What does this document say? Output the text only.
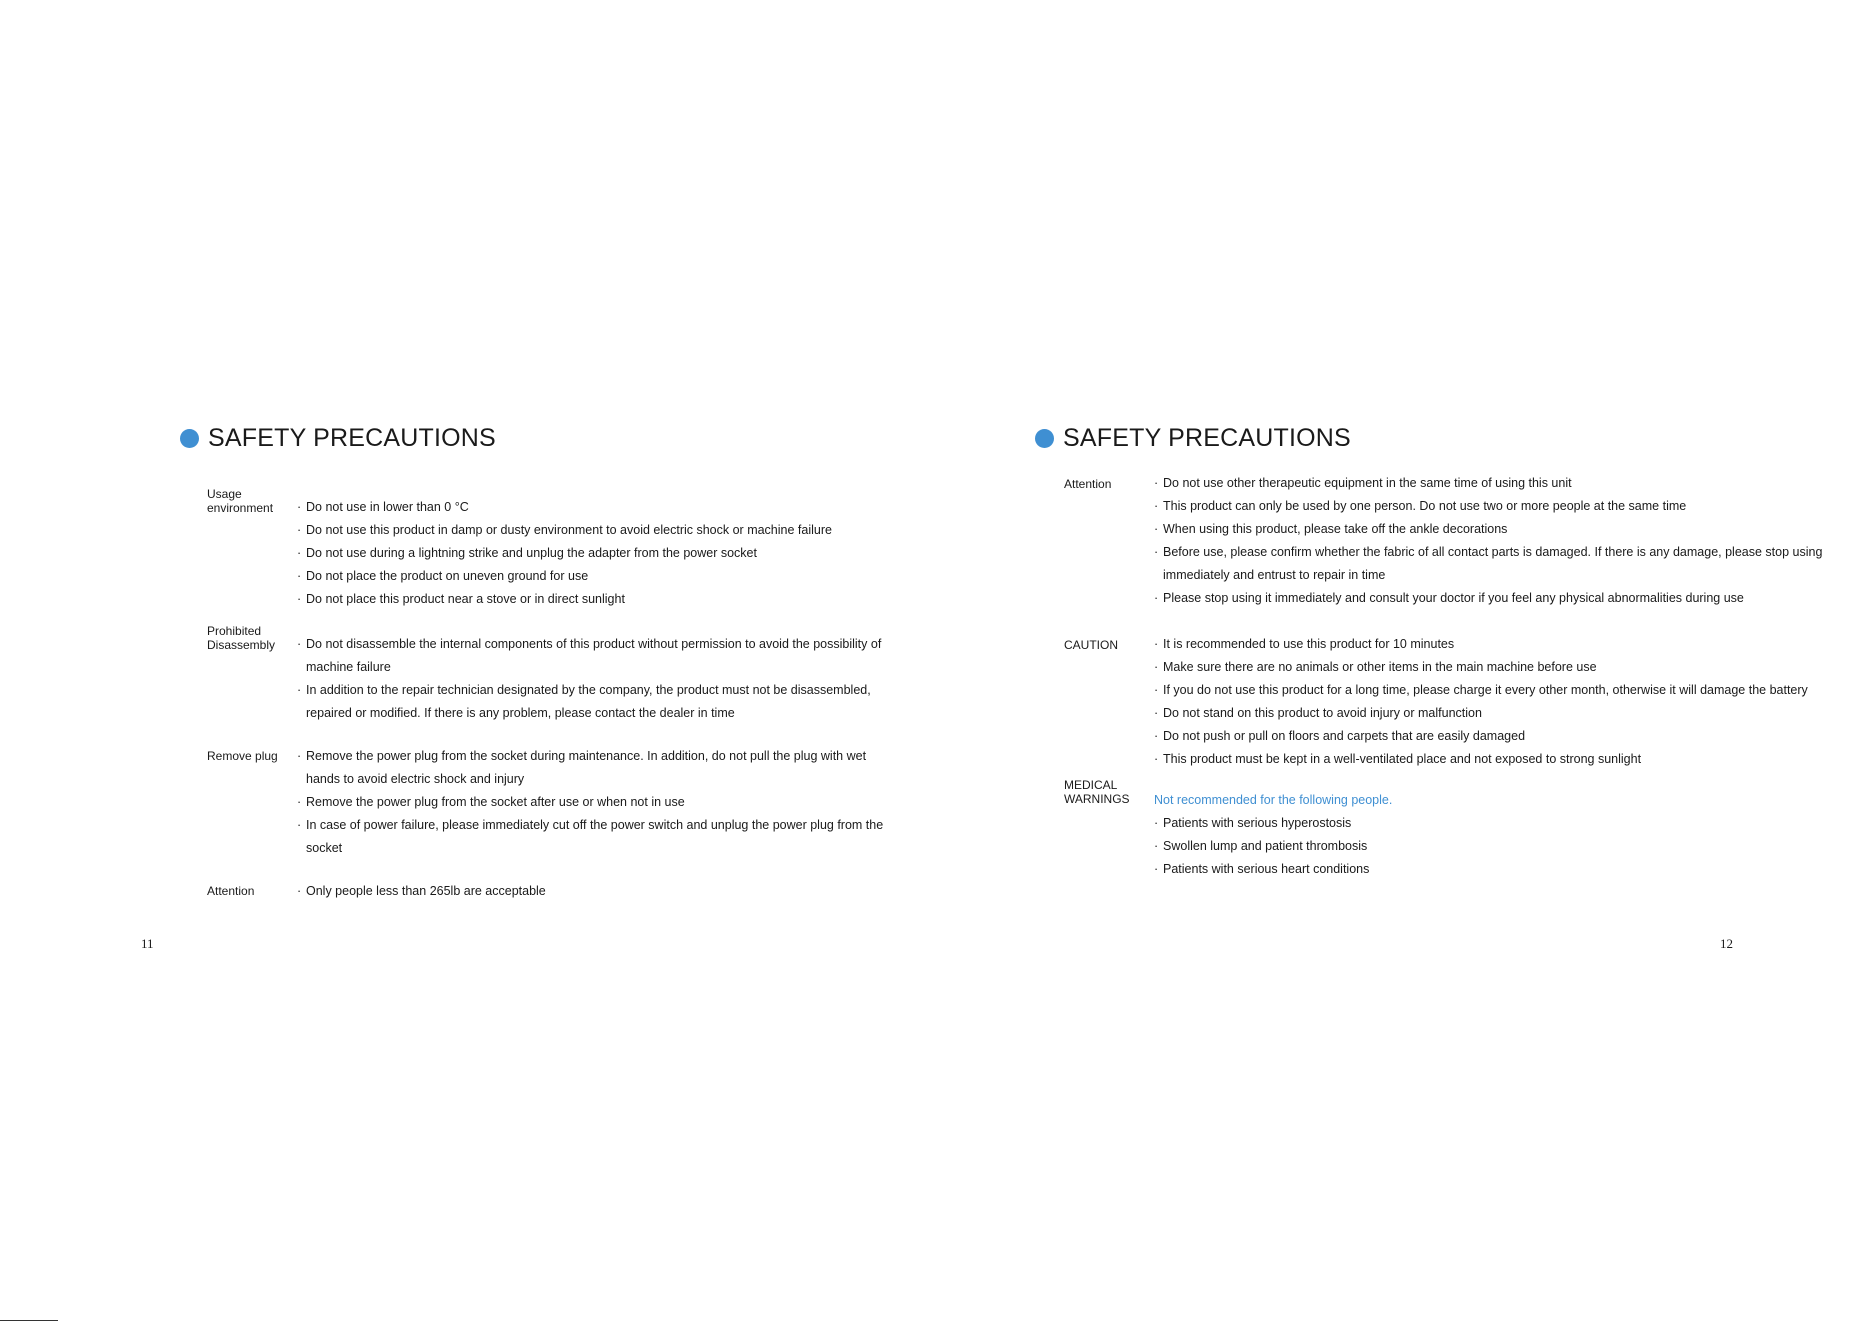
SAFETY PRECAUTIONS
Usage
environment	· Do not use in lower than 0 °C
· Do not use this product in damp or dusty environment to avoid electric shock or machine failure
· Do not use during a lightning strike and unplug the adapter from the power socket
· Do not place the product on uneven ground for use
· Do not place this product near a stove or in direct sunlight
Prohibited
Disassembly	· Do not disassemble the internal components of this product without permission to avoid the possibility of machine failure
· In addition to the repair technician designated by the company, the product must not be disassembled, repaired or modified. If there is any problem, please contact the dealer in time
Remove plug	· Remove the power plug from the socket during maintenance. In addition, do not pull the plug with wet hands to avoid electric shock and injury
· Remove the power plug from the socket after use or when not in use
· In case of power failure, please immediately cut off the power switch and unplug the power plug from the socket
Attention	· Only people less than 265lb are acceptable
11
SAFETY PRECAUTIONS
Attention	· Do not use other therapeutic equipment in the same time of using this unit
· This product can only be used by one person. Do not use two or more people at the same time
· When using this product, please take off the ankle decorations
· Before use, please confirm whether the fabric of all contact parts is damaged. If there is any damage, please stop using immediately and entrust to repair in time
· Please stop using it immediately and consult your doctor if you feel any physical abnormalities during use
CAUTION	· It is recommended to use this product for 10 minutes
· Make sure there are no animals or other items in the main machine before use
· If you do not use this product for a long time, please charge it every other month, otherwise it will damage the battery
· Do not stand on this product to avoid injury or malfunction
· Do not push or pull on floors and carpets that are easily damaged
· This product must be kept in a well-ventilated place and not exposed to strong sunlight
MEDICAL
WARNINGS	Not recommended for the following people.
· Patients with serious hyperostosis
· Swollen lump and patient thrombosis
· Patients with serious heart conditions
12
